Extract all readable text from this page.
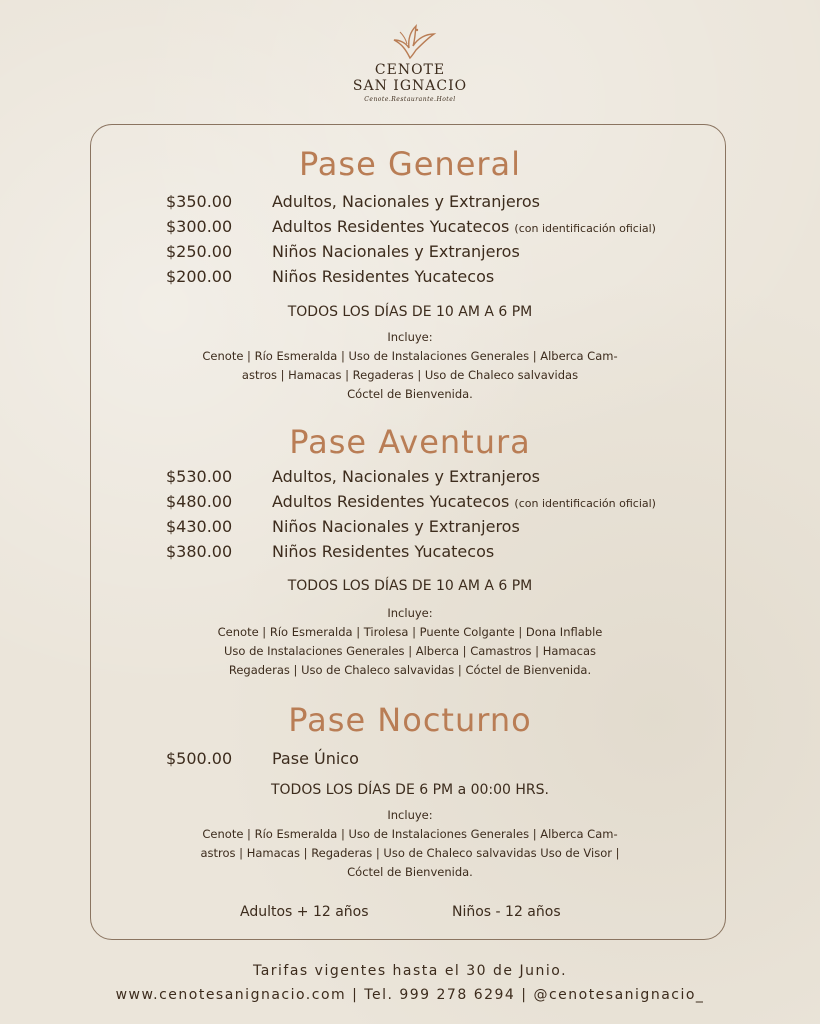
CENOTE
SAN IGNACIO
Cenote.Restaurante.Hotel
Pase General
$350.00 Adultos, Nacionales y Extranjeros
$300.00 Adultos Residentes Yucatecos (con identificación oficial)
$250.00 Niños Nacionales y Extranjeros
$200.00 Niños Residentes Yucatecos
TODOS LOS DÍAS DE 10 AM A 6 PM
Incluye:
Cenote | Río Esmeralda | Uso de Instalaciones Generales | Alberca Cam-
astros | Hamacas | Regaderas | Uso de Chaleco salvavidas
Cóctel de Bienvenida.
Pase Aventura
$530.00 Adultos, Nacionales y Extranjeros
$480.00 Adultos Residentes Yucatecos (con identificación oficial)
$430.00 Niños Nacionales y Extranjeros
$380.00 Niños Residentes Yucatecos
TODOS LOS DÍAS DE 10 AM A 6 PM
Incluye:
Cenote | Río Esmeralda | Tirolesa | Puente Colgante | Dona Inflable
Uso de Instalaciones Generales | Alberca | Camastros | Hamacas
Regaderas | Uso de Chaleco salvavidas | Cóctel de Bienvenida.
Pase Nocturno
$500.00 Pase Único
TODOS LOS DÍAS DE 6 PM a 00:00 HRS.
Incluye:
Cenote | Río Esmeralda | Uso de Instalaciones Generales | Alberca Cam-
astros | Hamacas | Regaderas | Uso de Chaleco salvavidas Uso de Visor |
Cóctel de Bienvenida.
Adultos + 12 años	Niños - 12 años
Tarifas vigentes hasta el 30 de Junio.
www.cenotesanignacio.com | Tel. 999 278 6294 | @cenotesanignacio_
